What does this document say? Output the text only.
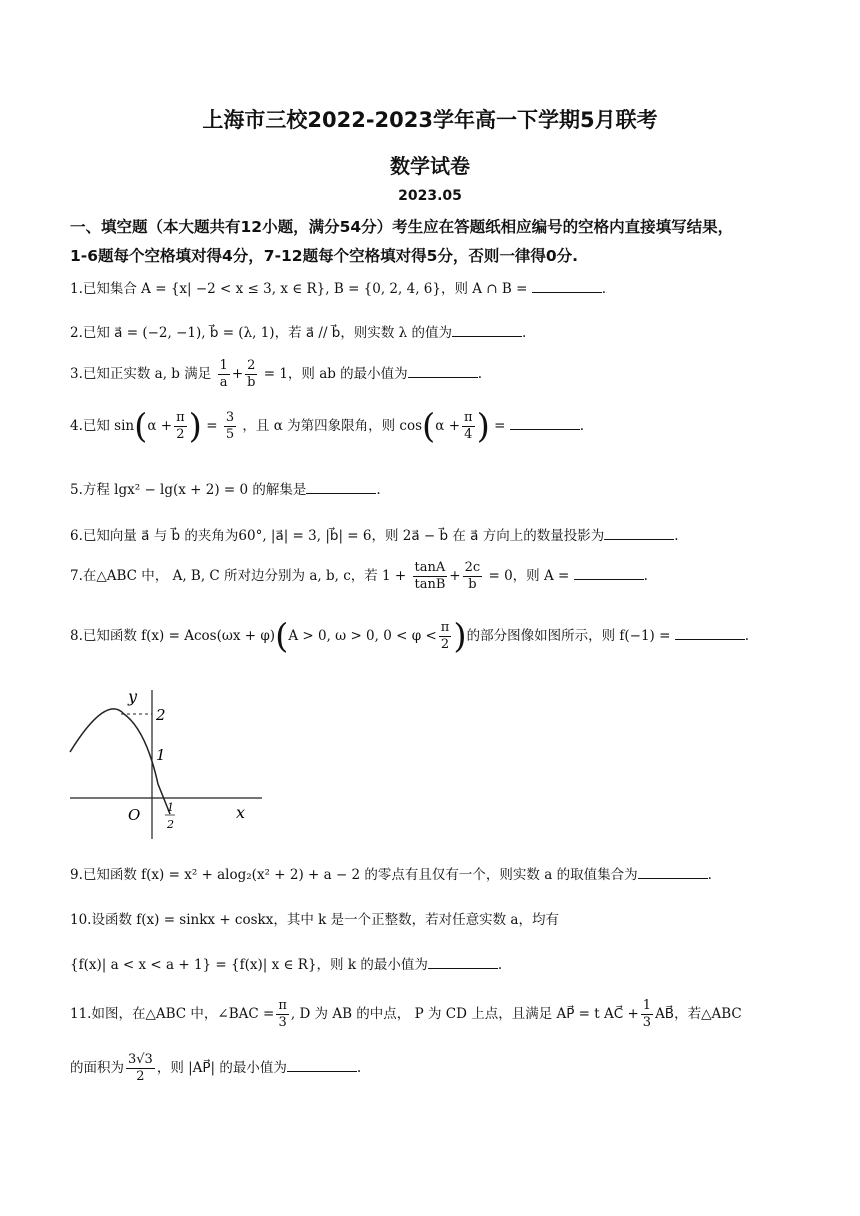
上海市三校2022-2023学年高一下学期5月联考
数学试卷
2023.05
一、填空题（本大题共有12小题，满分54分）考生应在答题纸相应编号的空格内直接填写结果，
1-6题每个空格填对得4分，7-12题每个空格填对得5分，否则一律得0分.
1.已知集合 A = {x| −2 < x ≤ 3, x ∈ R}, B = {0, 2, 4, 6}，则 A ∩ B =	.
2.已知 a⃗ = (−2, −1), b⃗ = (λ, 1)，若 a⃗ // b⃗，则实数 λ 的值为	.
3.已知正实数 a, b 满足 $\frac{1}{a} + \frac{2}{b} = 1$，则 ab 的最小值为	.
4.已知 $\sin(\alpha + \frac{\pi}{2}$ ) = $\frac{3}{5}$ ，且 α 为第四象限角，则 $\cos(\alpha + \frac{\pi}{4}$ ) =	.
5.方程 lgx² − lg(x + 2) = 0 的解集是	.
6.已知向量 a⃗ 与 b⃗ 的夹角为60°, |a⃗| = 3, |b⃗| = 6，则 2a⃗ − b⃗ 在 a⃗ 方向上的数量投影为	.
7.在△ABC 中， A, B, C 所对边分别为 a, b, c，若 $1 + \frac{\tan A}{\tan B} + \frac{2c}{b} = 0$，则 A =	.
8.已知函数 f(x) = Acos(ωx + φ)(A > 0, ω > 0, $0 < \varphi < \frac{\pi}{2}$ )的部分图像如图所示，则 f(−1) =	.
y
x
O
2
1
1
2
9.已知函数 f(x) = x² + alog₂(x² + 2) + a − 2 的零点有且仅有一个，则实数 a 的取值集合为	.
10.设函数 f(x) = sinkx + coskx，其中 k 是一个正整数，若对任意实数 a，均有
{f(x)| a < x < a + 1} = {f(x)| x ∈ R}，则 k 的最小值为	.
11.如图，在△ABC 中，∠BAC = $\frac{\pi}{3}$ , D 为 AB 的中点， P 为 CD 上点，且满足 AP⃗ = t AC⃗ + $\frac{1}{3}$ AB⃗，若△ABC
的面积为 $\frac{3√3}{2}$ ，则 |AP⃗| 的最小值为	.
